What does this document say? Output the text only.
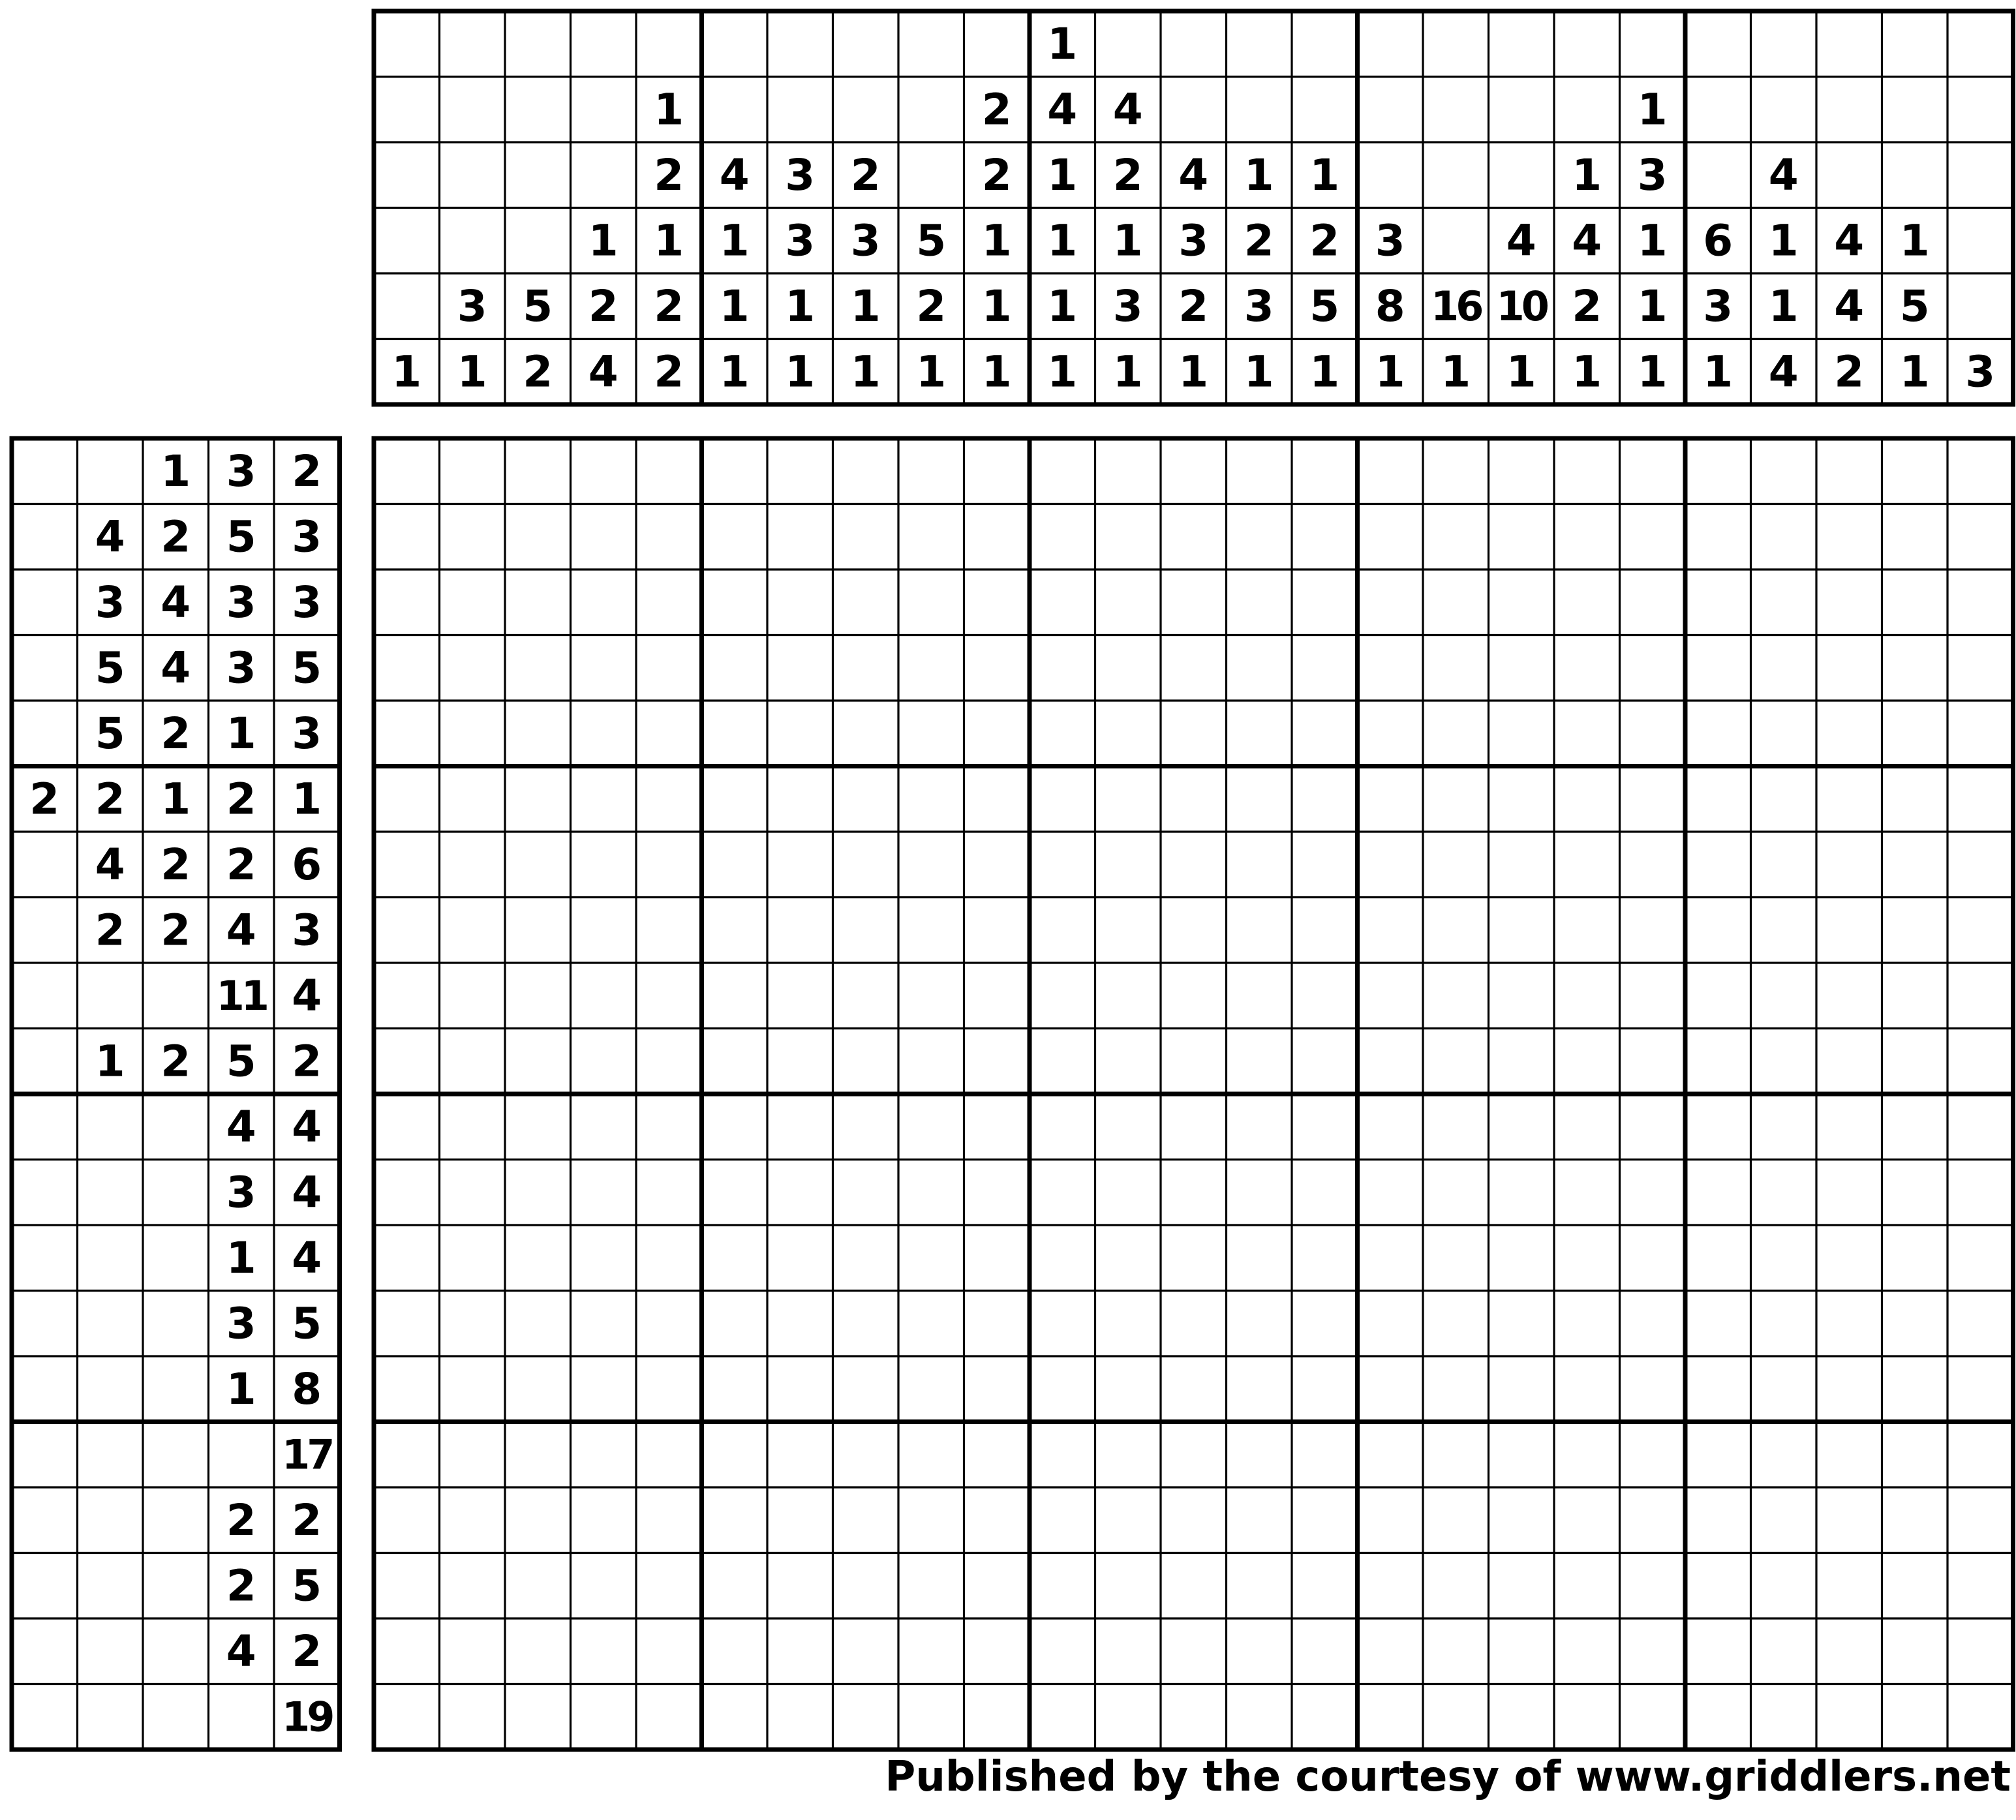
1
3
1
5
2
1
2
4
1
2
1
2
2
4
1
1
1
3
3
1
1
2
3
1
1
5
2
1
2
2
1
1
1
1
4
1
1
1
1
4
2
1
3
1
4
3
2
1
1
2
3
1
1
2
5
1
3
8
1
16
1
4
10
1
1
4
2
1
1
3
1
1
1
6
3
1
4
1
1
4
4
4
2
1
5
1 3
1 3 2
4 2 5 3
3 4 3 3
5 4 3 5
5 2 1 3
2 2 1 2 1
4 2 2 6
2 2 4 3
11 4
1 2 5 2
4 4
3 4
1 4
3 5
1 8
17
2 2
2 5
4 2
19
Published by the courtesy of www.griddlers.net
